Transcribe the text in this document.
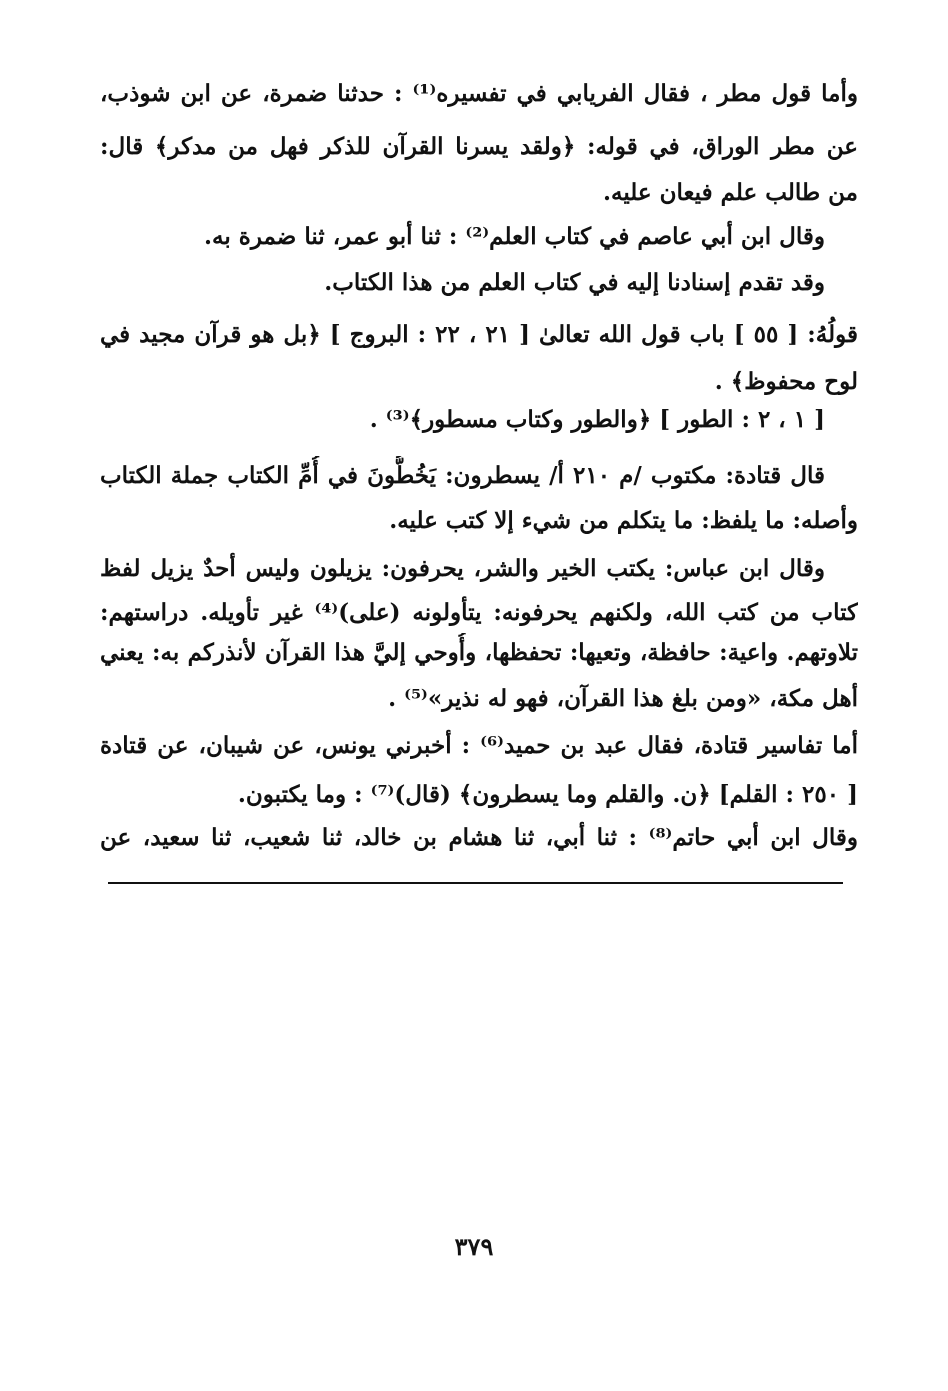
وأما قول مطر ، فقال الفريابي في تفسيره⁽¹⁾ : حدثنا ضمرة، عن ابن شوذب،
عن مطر الوراق، في قوله: ﴿ولقد يسرنا القرآن للذكر فهل من مدكر﴾ قال:
من طالب علم فيعان عليه.
وقال ابن أبي عاصم في كتاب العلم⁽²⁾ : ثنا أبو عمر، ثنا ضمرة به.
وقد تقدم إسنادنا إليه في كتاب العلم من هذا الكتاب.
قولُهُ: [ ٥٥ ] باب قول الله تعالىٰ [ ٢١ ، ٢٢ : البروج ] ﴿بل هو قرآن مجيد في
لوح محفوظ﴾ .
[ ١ ، ٢ : الطور ] ﴿والطور وكتاب مسطور﴾⁽³⁾ .
قال قتادة: مكتوب /م ٢١٠ أ/ يسطرون: يَخُطُّونَ في أُمِّ الكتاب جملة الكتاب
وأصله: ما يلفظ: ما يتكلم من شيء إلا كتب عليه.
وقال ابن عباس: يكتب الخير والشر، يحرفون: يزيلون وليس أحدٌ يزيل لفظ
كتاب من كتب الله، ولكنهم يحرفونه: يتأولونه (على)⁽⁴⁾ غير تأويله. دراستهم:
تلاوتهم. واعية: حافظة، وتعيها: تحفظها، وأُوحي إليَّ هذا القرآن لأنذركم به: يعني
أهل مكة، «ومن بلغ هذا القرآن، فهو له نذير»⁽⁵⁾ .
أما تفاسير قتادة، فقال عبد بن حميد⁽⁶⁾ : أخبرني يونس، عن شيبان، عن قتادة
[ ٢٥٠ : القلم] ﴿ن. والقلم وما يسطرون﴾ (قال)⁽⁷⁾ : وما يكتبون.
وقال ابن أبي حاتم⁽⁸⁾ : ثنا أبي، ثنا هشام بن خالد، ثنا شعيب، ثنا سعيد، عن
٣٧٩
